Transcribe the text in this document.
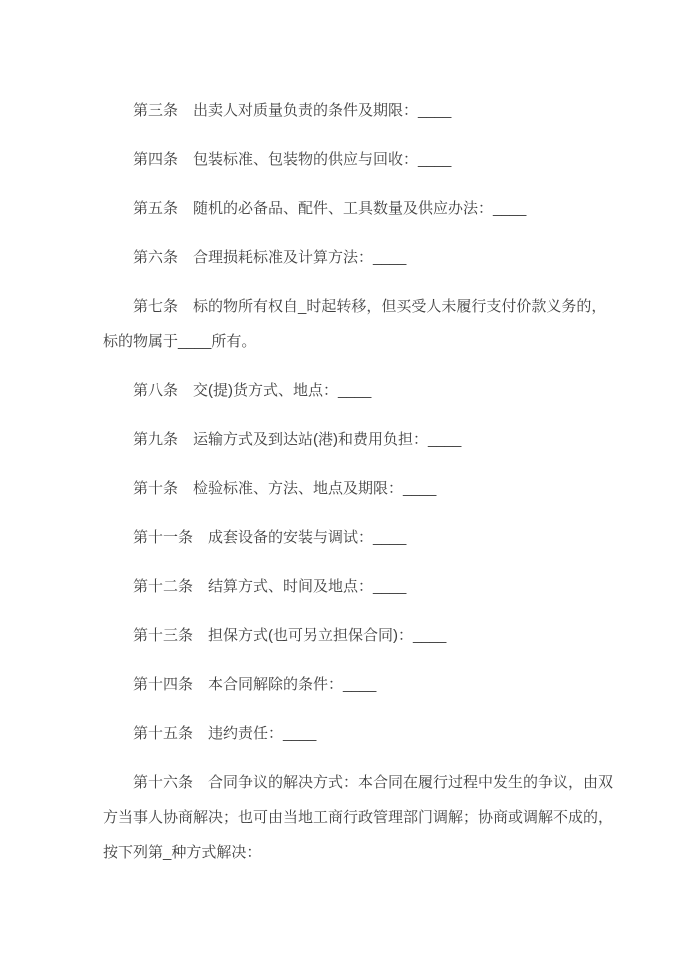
第三条　出卖人对质量负责的条件及期限：____

第四条　包装标准、包装物的供应与回收：____

第五条　随机的必备品、配件、工具数量及供应办法：____

第六条　合理损耗标准及计算方法：____

第七条　标的物所有权自_时起转移，但买受人未履行支付价款义务的，标的物属于____所有。

第八条　交(提)货方式、地点：____

第九条　运输方式及到达站(港)和费用负担：____

第十条　检验标准、方法、地点及期限：____

第十一条　成套设备的安装与调试：____

第十二条　结算方式、时间及地点：____

第十三条　担保方式(也可另立担保合同)：____

第十四条　本合同解除的条件：____

第十五条　违约责任：____

第十六条　合同争议的解决方式：本合同在履行过程中发生的争议，由双方当事人协商解决；也可由当地工商行政管理部门调解；协商或调解不成的，按下列第_种方式解决：
